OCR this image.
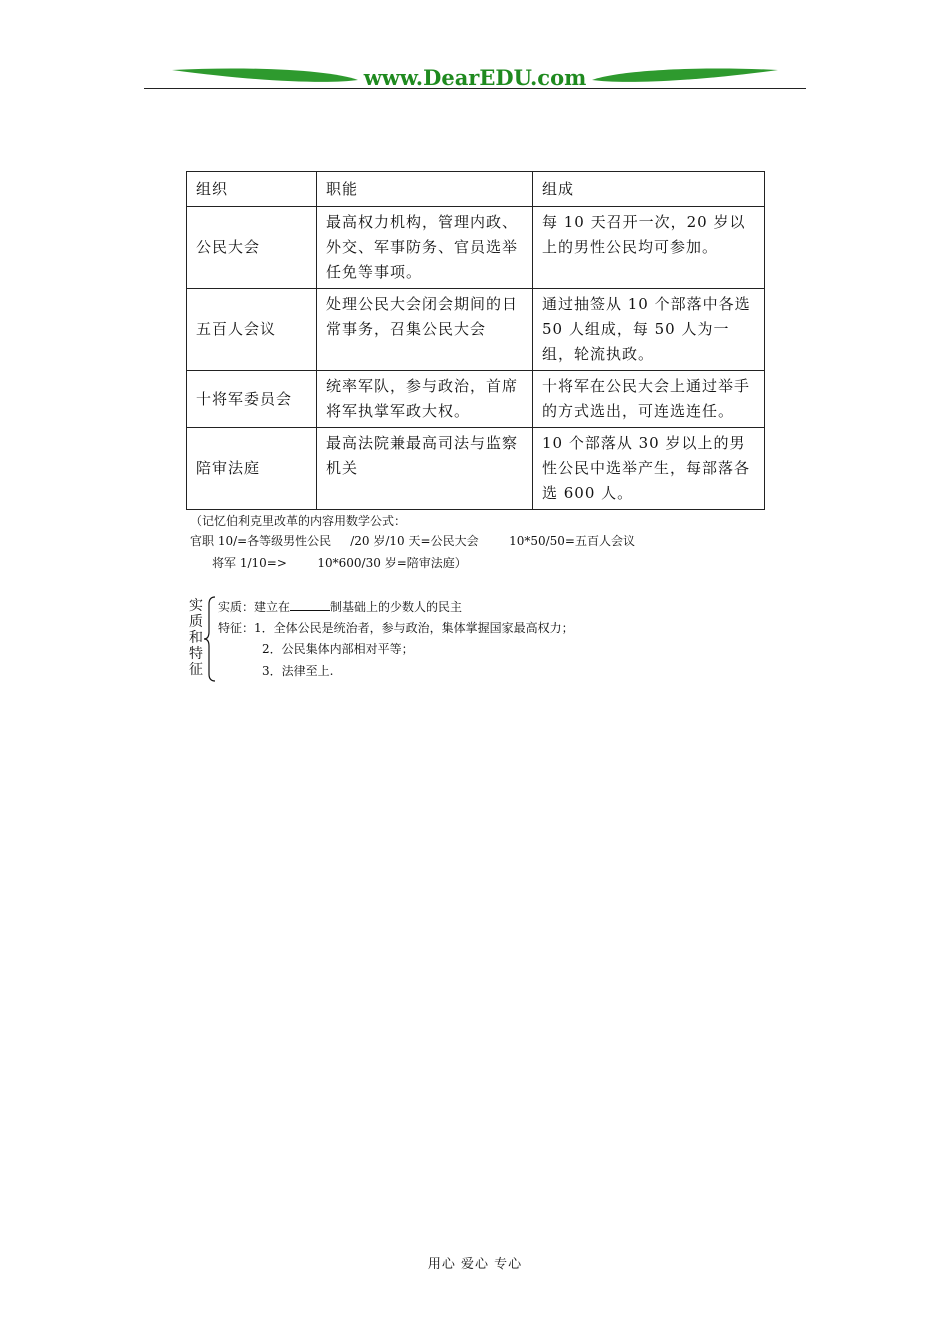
www.DearEDU.com
组织	职能	组成
公民大会	最高权力机构，管理内政、外交、军事防务、官员选举任免等事项。	每 10 天召开一次，20 岁以上的男性公民均可参加。
五百人会议	处理公民大会闭会期间的日常事务，召集公民大会	通过抽签从 10 个部落中各选 50 人组成，每 50 人为一组，轮流执政。
十将军委员会	统率军队，参与政治，首席将军执掌军政大权。	十将军在公民大会上通过举手的方式选出，可连选连任。
陪审法庭	最高法院兼最高司法与监察机关	10 个部落从 30 岁以上的男性公民中选举产生，每部落各选 600 人。
（记忆伯利克里改革的内容用数学公式：
官职 10/=各等级男性公民     /20 岁/10 天=公民大会        10*50/50=五百人会议
将军 1/10=>        10*600/30 岁=陪审法庭）
实
质
和
特
征
实质：建立在	制基础上的少数人的民主
特征：1．全体公民是统治者，参与政治，集体掌握国家最高权力；
2．公民集体内部相对平等；
3．法律至上.
用心 爱心 专心
